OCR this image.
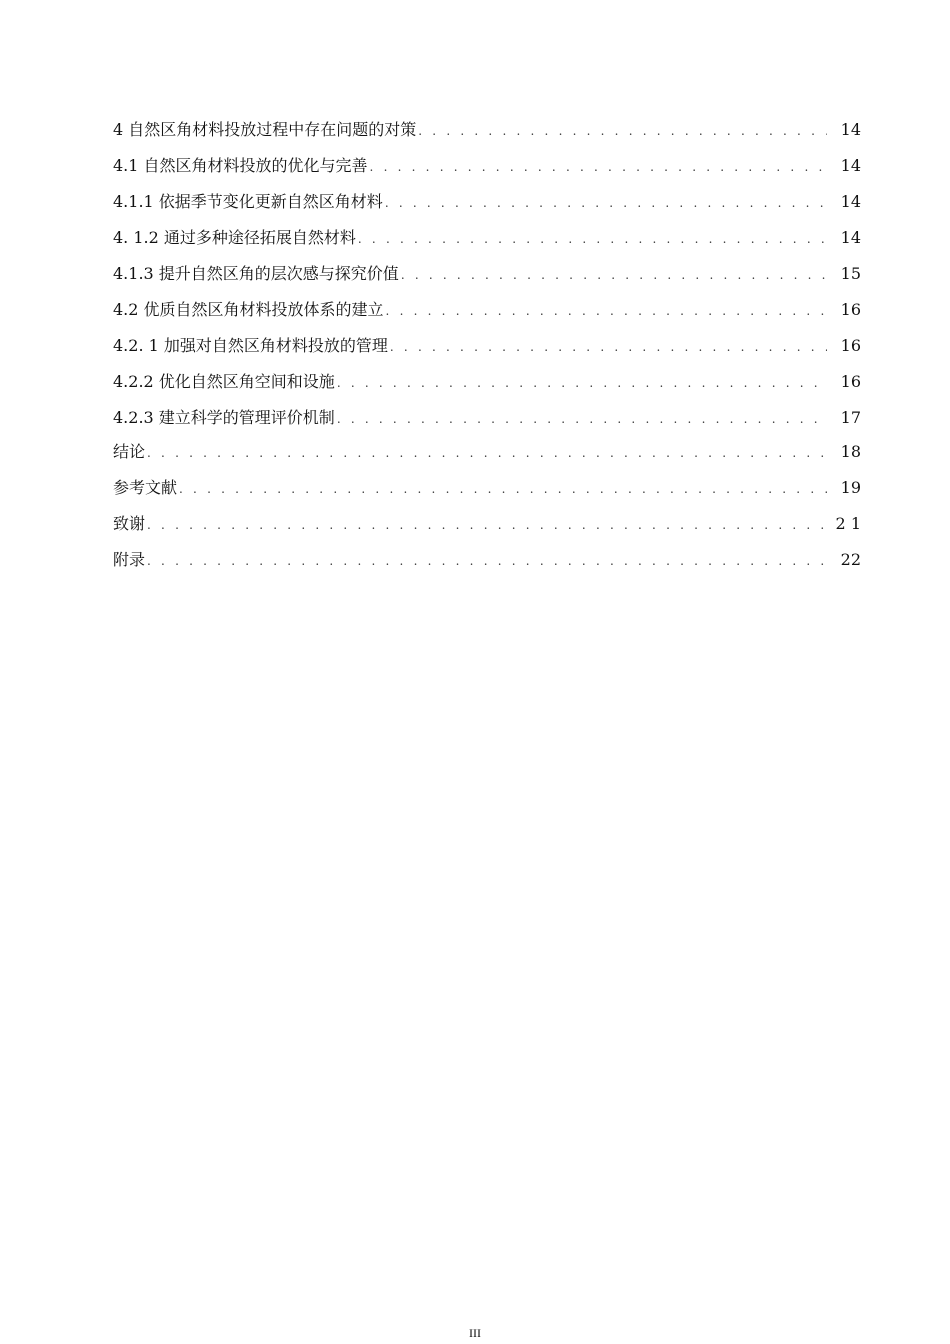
4 自然区角材料投放过程中存在问题的对策 . . .	14
4.1 自然区角材料投放的优化与完善 . . .	14
4.1.1 依据季节变化更新自然区角材料 . . .	14
4. 1.2 通过多种途径拓展自然材料 . . .	14
4.1.3 提升自然区角的层次感与探究价值 . . .	15
4.2 优质自然区角材料投放体系的建立 . . .	16
4.2. 1 加强对自然区角材料投放的管理 . . .	16
4.2.2 优化自然区角空间和设施 . . .	16
4.2.3 建立科学的管理评价机制 . . .	17
结论 . . .	18
参考文献 . . .	19
致谢 . . .	2 1
附录 . . .	22
III
